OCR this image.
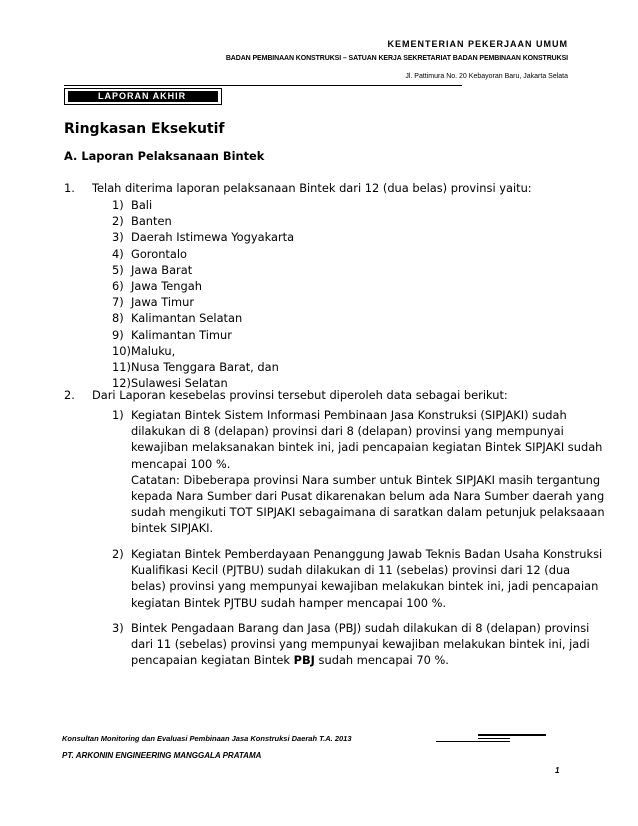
KEMENTERIAN PEKERJAAN UMUM
BADAN PEMBINAAN KONSTRUKSI – SATUAN KERJA SEKRETARIAT BADAN PEMBINAAN KONSTRUKSI
Jl. Pattimura No. 20 Kebayoran Baru, Jakarta Selata
LAPORAN AKHIR
Ringkasan Eksekutif
A. Laporan Pelaksanaan Bintek
1. Telah diterima laporan pelaksanaan Bintek dari 12 (dua belas) provinsi yaitu:
1) Bali
2) Banten
3) Daerah Istimewa Yogyakarta
4) Gorontalo
5) Jawa Barat
6) Jawa Tengah
7) Jawa Timur
8) Kalimantan Selatan
9) Kalimantan Timur
10) Maluku,
11) Nusa Tenggara Barat, dan
12) Sulawesi Selatan
2. Dari Laporan kesebelas provinsi tersebut diperoleh data sebagai berikut:
1) Kegiatan Bintek Sistem Informasi Pembinaan Jasa Konstruksi (SIPJAKI) sudah
dilakukan di 8 (delapan) provinsi dari 8 (delapan) provinsi yang mempunyai
kewajiban melaksanakan bintek ini, jadi pencapaian kegiatan Bintek SIPJAKI sudah
mencapai 100 %.
Catatan: Dibeberapa provinsi Nara sumber untuk Bintek SIPJAKI masih tergantung
kepada Nara Sumber dari Pusat dikarenakan belum ada Nara Sumber daerah yang
sudah mengikuti TOT SIPJAKI sebagaimana di saratkan dalam petunjuk pelaksaaan
bintek SIPJAKI.
2) Kegiatan Bintek Pemberdayaan Penanggung Jawab Teknis Badan Usaha Konstruksi
Kualifikasi Kecil (PJTBU) sudah dilakukan di 11 (sebelas) provinsi dari 12 (dua
belas) provinsi yang mempunyai kewajiban melakukan bintek ini, jadi pencapaian
kegiatan Bintek PJTBU sudah hamper mencapai 100 %.
3) Bintek Pengadaan Barang dan Jasa (PBJ) sudah dilakukan di 8 (delapan) provinsi
dari 11 (sebelas) provinsi yang mempunyai kewajiban melakukan bintek ini, jadi
pencapaian kegiatan Bintek PBJ sudah mencapai 70 %.
Konsultan Monitoring dan Evaluasi Pembinaan Jasa Konstruksi Daerah T.A. 2013
PT. ARKONIN ENGINEERING MANGGALA PRATAMA
1
